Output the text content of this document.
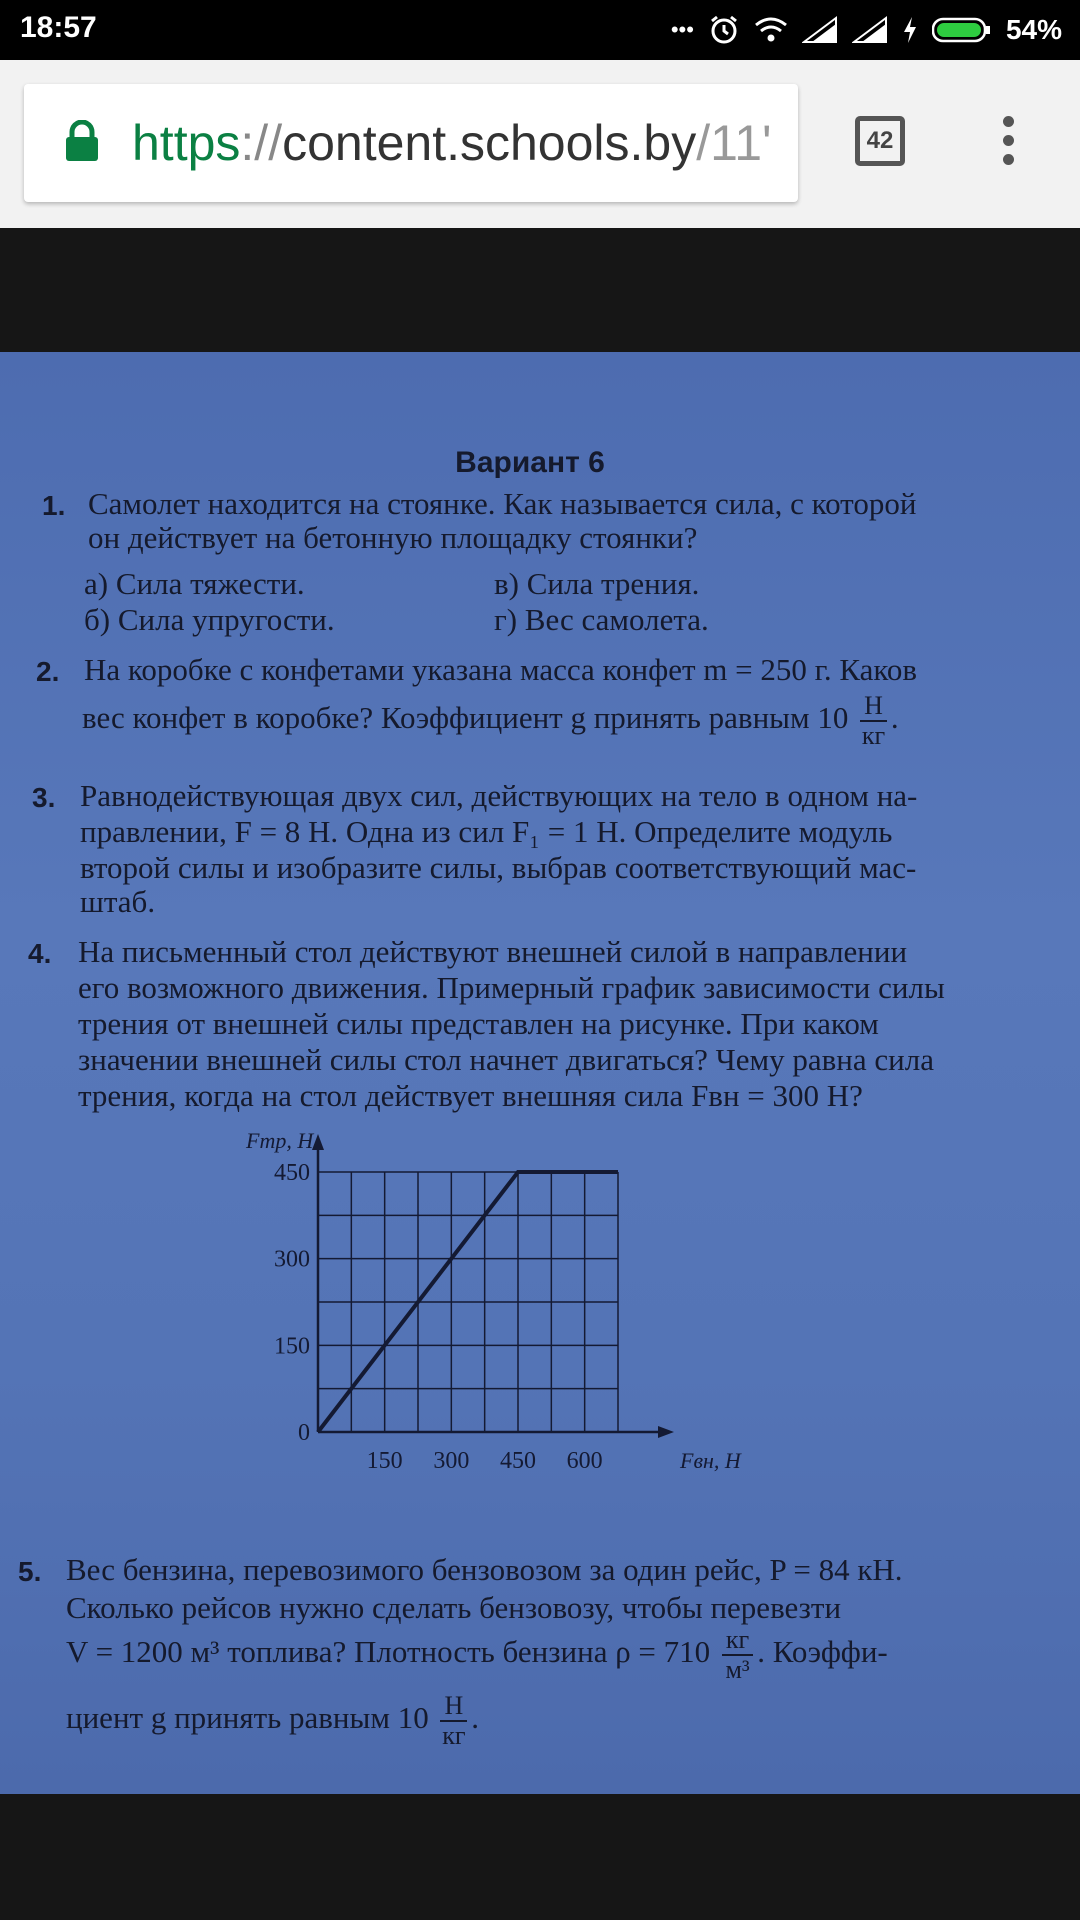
18:57	•••	54%
https://content.schools.by/11'	42
Вариант 6
1. Самолет находится на стоянке. Как называется сила, с которой
он действует на бетонную площадку стоянки?
а) Сила тяжести.
б) Сила упругости.
в) Сила трения.
г) Вес самолета.
2. На коробке с конфетами указана масса конфет m = 250 г. Каков
вес конфет в коробке? Коэффициент g принять равным $10 \frac{Н}{кг}$ .
3. Равнодействующая двух сил, действующих на тело в одном на-
правлении, F = 8 Н. Одна из сил F₁ = 1 Н. Определите модуль
второй силы и изобразите силы, выбрав соответствующий мас-
штаб.
4. На письменный стол действуют внешней силой в направлении
его возможного движения. Примерный график зависимости силы
трения от внешней силы представлен на рисунке. При каком
значении внешней силы стол начнет двигаться? Чему равна сила
трения, когда на стол действует внешняя сила Fвн = 300 Н?
150 300 450 600
0
150
300
450
Fтр, Н
Fвн, Н
5. Вес бензина, перевозимого бензовозом за один рейс, P = 84 кН.
Сколько рейсов нужно сделать бензовозу, чтобы перевезти
V = 1200 м³ топлива? Плотность бензина $\rho = 710 \frac{кг}{\text{м³}}$ . Коэффи-
циент g принять равным $10 \frac{Н}{кг}$ .
